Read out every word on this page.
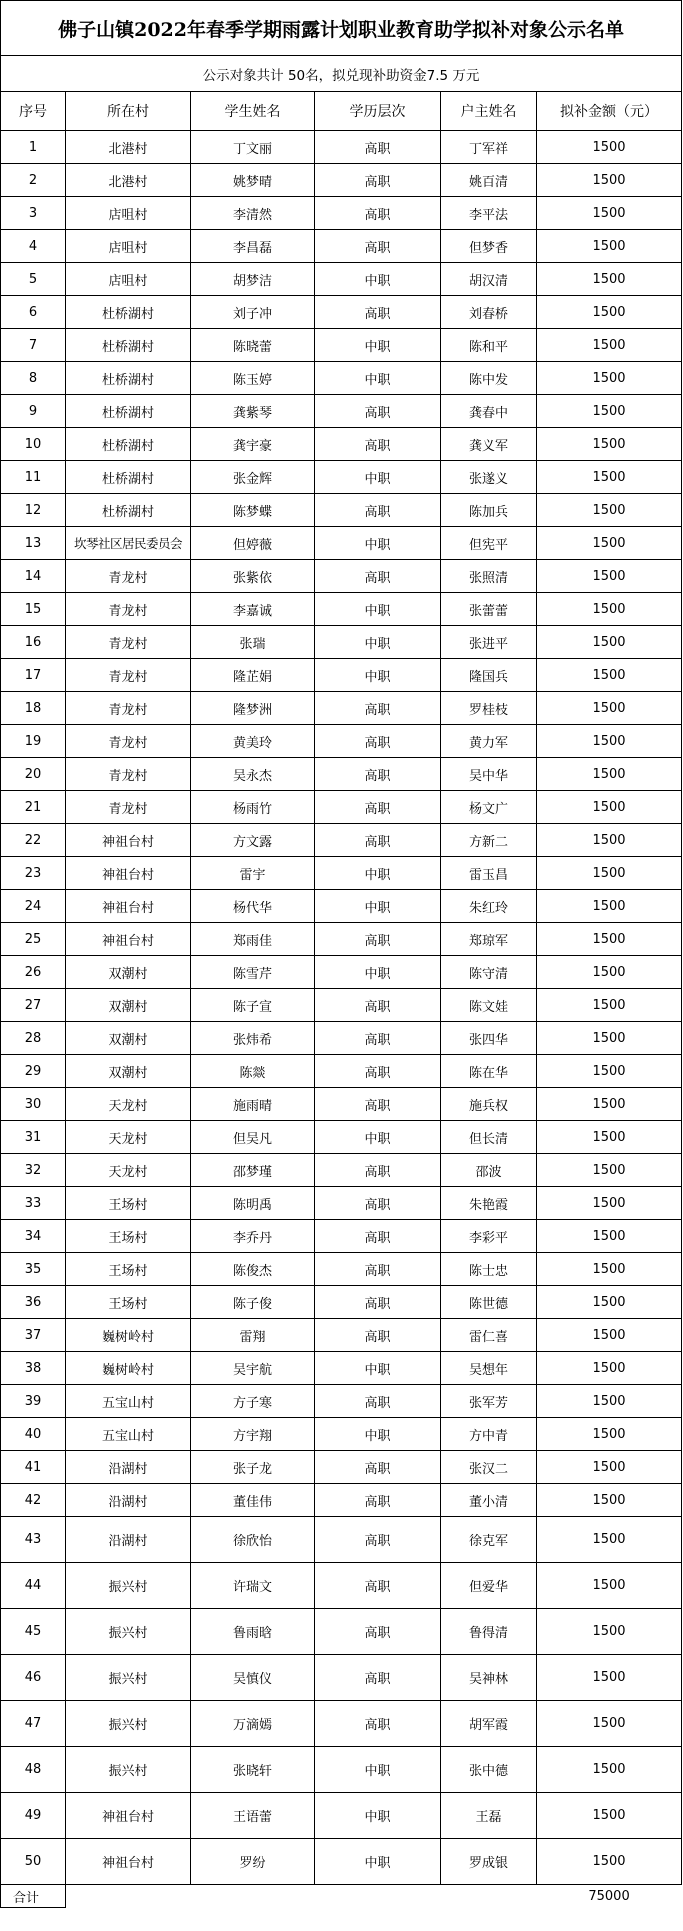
佛子山镇2022年春季学期雨露计划职业教育助学拟补对象公示名单					
公示对象共计 50名，拟兑现补助资金7.5 万元					
序号	所在村	学生姓名	学历层次	户主姓名	拟补金额（元）
1	北港村	丁文丽	高职	丁军祥	1500
2	北港村	姚梦晴	高职	姚百清	1500
3	店咀村	李清然	高职	李平法	1500
4	店咀村	李昌磊	高职	但梦香	1500
5	店咀村	胡梦洁	中职	胡汉清	1500
6	杜桥湖村	刘子冲	高职	刘春桥	1500
7	杜桥湖村	陈晓蕾	中职	陈和平	1500
8	杜桥湖村	陈玉婷	中职	陈中发	1500
9	杜桥湖村	龚紫琴	高职	龚春中	1500
10	杜桥湖村	龚宇豪	高职	龚义军	1500
11	杜桥湖村	张金辉	中职	张遂义	1500
12	杜桥湖村	陈梦蝶	高职	陈加兵	1500
13	坎琴社区居民委员会	但婷薇	中职	但宪平	1500
14	青龙村	张紫依	高职	张照清	1500
15	青龙村	李嘉诚	中职	张蕾蕾	1500
16	青龙村	张瑞	中职	张进平	1500
17	青龙村	隆芷娟	中职	隆国兵	1500
18	青龙村	隆梦洲	高职	罗桂枝	1500
19	青龙村	黄美玲	高职	黄力军	1500
20	青龙村	吴永杰	高职	吴中华	1500
21	青龙村	杨雨竹	高职	杨文广	1500
22	神祖台村	方文露	高职	方新二	1500
23	神祖台村	雷宇	中职	雷玉昌	1500
24	神祖台村	杨代华	中职	朱红玲	1500
25	神祖台村	郑雨佳	高职	郑琼军	1500
26	双潮村	陈雪芹	中职	陈守清	1500
27	双潮村	陈子宣	高职	陈文娃	1500
28	双潮村	张炜希	高职	张四华	1500
29	双潮村	陈燚	高职	陈在华	1500
30	天龙村	施雨晴	高职	施兵权	1500
31	天龙村	但吴凡	中职	但长清	1500
32	天龙村	邵梦瑾	高职	邵波	1500
33	王场村	陈明禹	高职	朱艳霞	1500
34	王场村	李乔丹	高职	李彩平	1500
35	王场村	陈俊杰	高职	陈士忠	1500
36	王场村	陈子俊	高职	陈世德	1500
37	巍树岭村	雷翔	高职	雷仁喜	1500
38	巍树岭村	吴宇航	中职	吴想年	1500
39	五宝山村	方子寒	高职	张军芳	1500
40	五宝山村	方宇翔	中职	方中青	1500
41	沿湖村	张子龙	高职	张汉二	1500
42	沿湖村	董佳伟	高职	董小清	1500
43	沿湖村	徐欣怡	高职	徐克军	1500
44	振兴村	许瑞文	高职	但爱华	1500
45	振兴村	鲁雨晗	高职	鲁得清	1500
46	振兴村	吴慎仪	高职	吴神林	1500
47	振兴村	万滴嫣	高职	胡军霞	1500
48	振兴村	张晓轩	中职	张中德	1500
49	神祖台村	王语蕾	中职	王磊	1500
50	神祖台村	罗纷	中职	罗成银	1500
合计					75000
